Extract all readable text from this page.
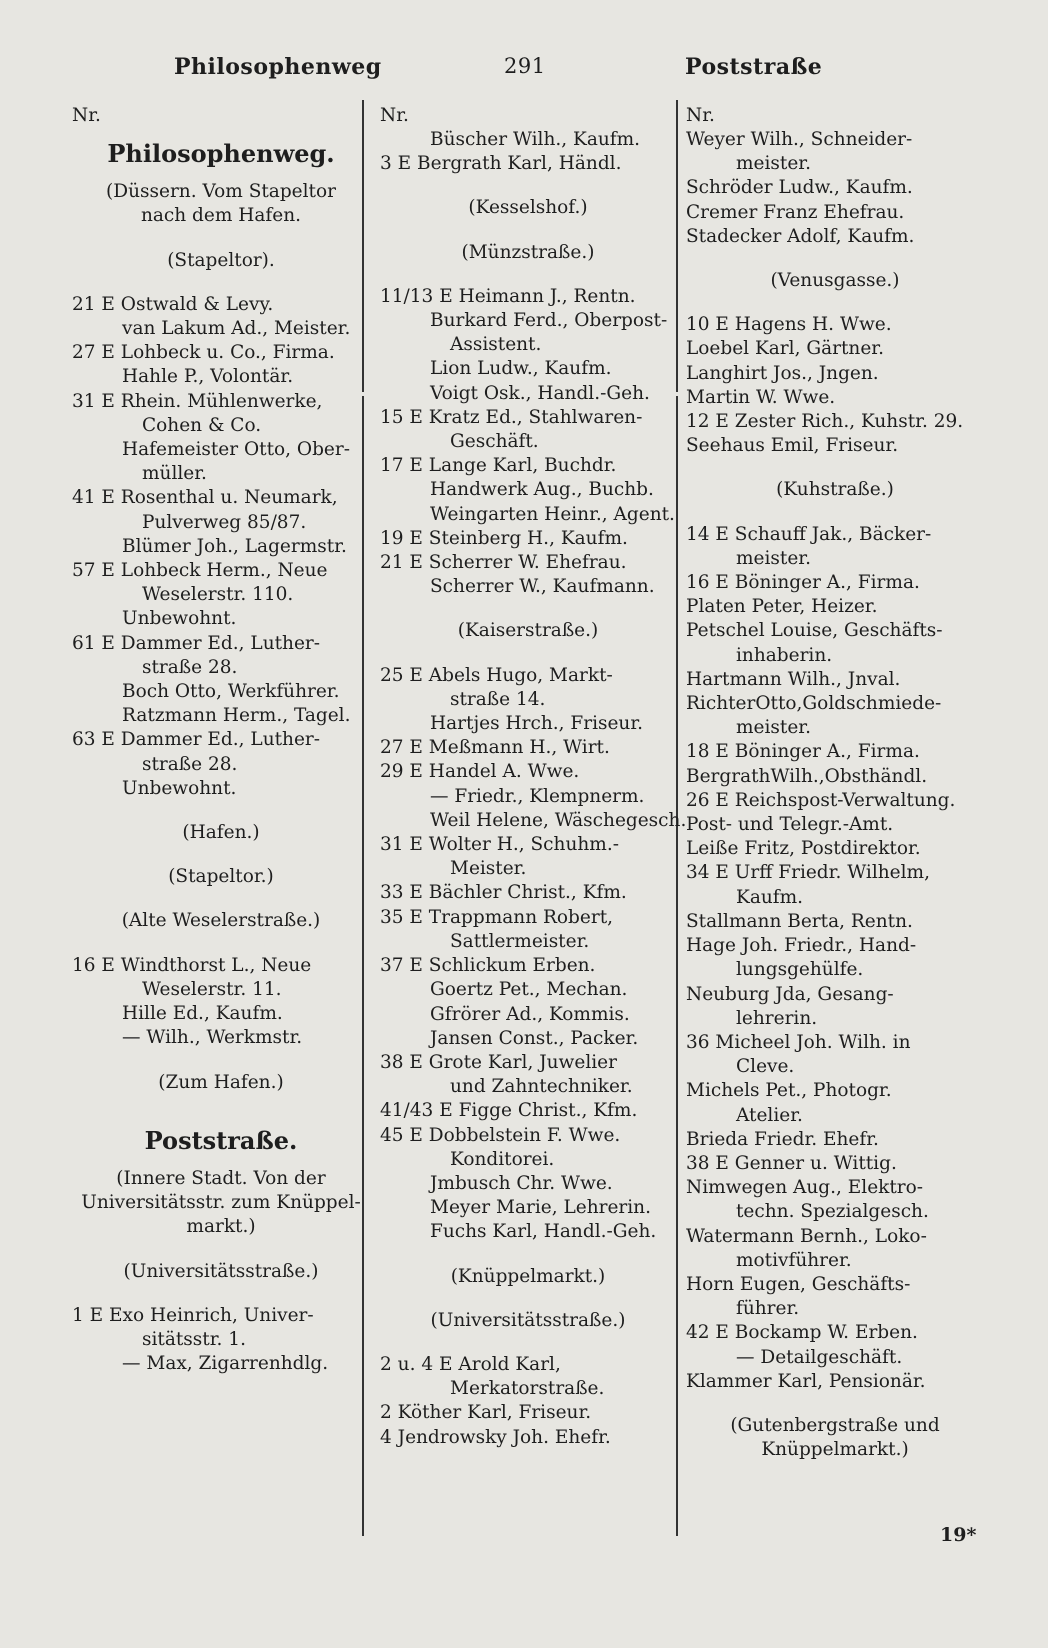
Philosophenweg	291	Poststraße
Nr.
Philosophenweg.
(Düssern. Vom Stapeltor
nach dem Hafen.
(Stapeltor).
21 E Ostwald & Levy.
van Lakum Ad., Meister.
27 E Lohbeck u. Co., Firma.
Hahle P., Volontär.
31 E Rhein. Mühlenwerke,
Cohen & Co.
Hafemeister Otto, Ober-
müller.
41 E Rosenthal u. Neumark,
Pulverweg 85/87.
Blümer Joh., Lagermstr.
57 E Lohbeck Herm., Neue
Weselerstr. 110.
Unbewohnt.
61 E Dammer Ed., Luther-
straße 28.
Boch Otto, Werkführer.
Ratzmann Herm., Tagel.
63 E Dammer Ed., Luther-
straße 28.
Unbewohnt.
(Hafen.)
(Stapeltor.)
(Alte Weselerstraße.)
16 E Windthorst L., Neue
Weselerstr. 11.
Hille Ed., Kaufm.
— Wilh., Werkmstr.
(Zum Hafen.)
Poststraße.
(Innere Stadt. Von der
Universitätsstr. zum Knüppel-
markt.)
(Universitätsstraße.)
1 E Exo Heinrich, Univer-
sitätsstr. 1.
— Max, Zigarrenhdlg.
Nr.
Büscher Wilh., Kaufm.
3 E Bergrath Karl, Händl.
(Kesselshof.)
(Münzstraße.)
11/13 E Heimann J., Rentn.
Burkard Ferd., Oberpost-
Assistent.
Lion Ludw., Kaufm.
Voigt Osk., Handl.-Geh.
15 E Kratz Ed., Stahlwaren-
Geschäft.
17 E Lange Karl, Buchdr.
Handwerk Aug., Buchb.
Weingarten Heinr., Agent.
19 E Steinberg H., Kaufm.
21 E Scherrer W. Ehefrau.
Scherrer W., Kaufmann.
(Kaiserstraße.)
25 E Abels Hugo, Markt-
straße 14.
Hartjes Hrch., Friseur.
27 E Meßmann H., Wirt.
29 E Handel A. Wwe.
— Friedr., Klempnerm.
Weil Helene, Wäschegesch.
31 E Wolter H., Schuhm.-
Meister.
33 E Bächler Christ., Kfm.
35 E Trappmann Robert,
Sattlermeister.
37 E Schlickum Erben.
Goertz Pet., Mechan.
Gfrörer Ad., Kommis.
Jansen Const., Packer.
38 E Grote Karl, Juwelier
und Zahntechniker.
41/43 E Figge Christ., Kfm.
45 E Dobbelstein F. Wwe.
Konditorei.
Jmbusch Chr. Wwe.
Meyer Marie, Lehrerin.
Fuchs Karl, Handl.-Geh.
(Knüppelmarkt.)
(Universitätsstraße.)
2 u. 4 E Arold Karl,
Merkatorstraße.
2 Köther Karl, Friseur.
4 Jendrowsky Joh. Ehefr.
Nr.
Weyer Wilh., Schneider-
meister.
Schröder Ludw., Kaufm.
Cremer Franz Ehefrau.
Stadecker Adolf, Kaufm.
(Venusgasse.)
10 E Hagens H. Wwe.
Loebel Karl, Gärtner.
Langhirt Jos., Jngen.
Martin W. Wwe.
12 E Zester Rich., Kuhstr. 29.
Seehaus Emil, Friseur.
(Kuhstraße.)
14 E Schauff Jak., Bäcker-
meister.
16 E Böninger A., Firma.
Platen Peter, Heizer.
Petschel Louise, Geschäfts-
inhaberin.
Hartmann Wilh., Jnval.
RichterOtto,Goldschmiede-
meister.
18 E Böninger A., Firma.
BergrathWilh.,Obsthändl.
26 E Reichspost-Verwaltung.
Post- und Telegr.-Amt.
Leiße Fritz, Postdirektor.
34 E Urff Friedr. Wilhelm,
Kaufm.
Stallmann Berta, Rentn.
Hage Joh. Friedr., Hand-
lungsgehülfe.
Neuburg Jda, Gesang-
lehrerin.
36 Micheel Joh. Wilh. in
Cleve.
Michels Pet., Photogr.
Atelier.
Brieda Friedr. Ehefr.
38 E Genner u. Wittig.
Nimwegen Aug., Elektro-
techn. Spezialgesch.
Watermann Bernh., Loko-
motivführer.
Horn Eugen, Geschäfts-
führer.
42 E Bockamp W. Erben.
— Detailgeschäft.
Klammer Karl, Pensionär.
(Gutenbergstraße und
Knüppelmarkt.)
19*
